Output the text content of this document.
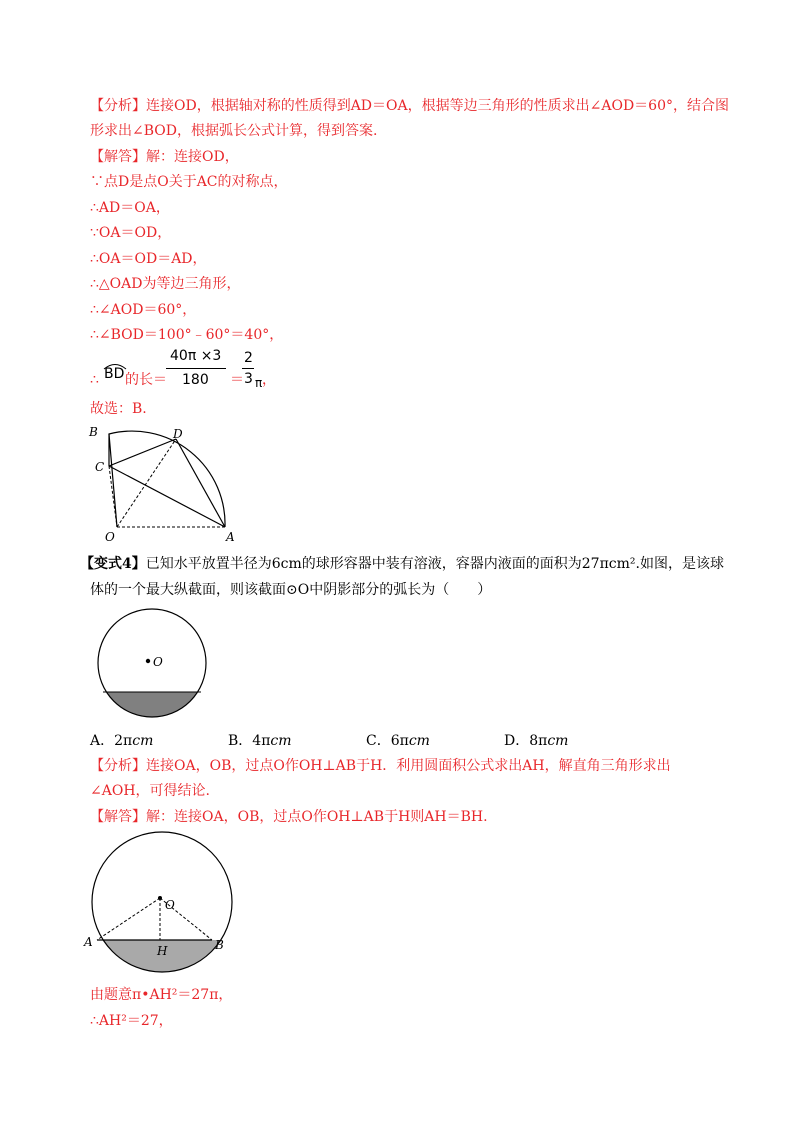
【分析】连接OD，根据轴对称的性质得到AD＝OA，根据等边三角形的性质求出∠AOD＝60°，结合图
形求出∠BOD，根据弧长公式计算，得到答案.
【解答】解：连接OD，
∵点D是点O关于AC的对称点，
∴AD＝OA，
∵OA＝OD，
∴OA＝OD＝AD，
∴△OAD为等边三角形，
∴∠AOD＝60°，
∴∠BOD＝100°﹣60°＝40°，
∴ BD 的长＝
40π ×3
180 ＝
2
3 π ，
故选：B.
B	D
C
O	A
【变式4】已知水平放置半径为6cm的球形容器中装有溶液，容器内液面的面积为27πcm².如图，是该球
体的一个最大纵截面，则该截面⊙O中阴影部分的弧长为（　　）
O
A．2πcm	B．4πcm	C．6πcm	D．8πcm
【分析】连接OA，OB，过点O作OH⊥AB于H．利用圆面积公式求出AH，解直角三角形求出
∠AOH，可得结论.
【解答】解：连接OA，OB，过点O作OH⊥AB于H则AH＝BH.
O
A	B
H
由题意π•AH²＝27π，
∴AH²＝27，
